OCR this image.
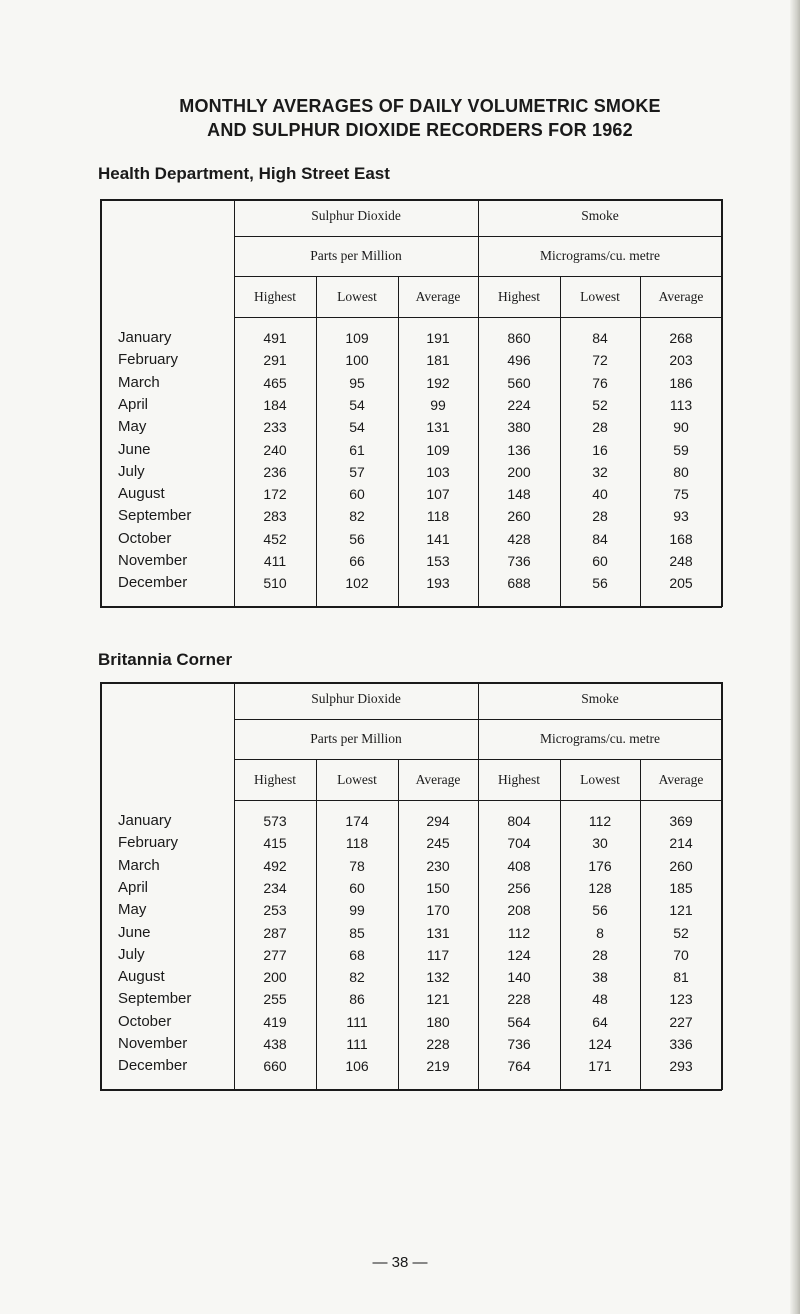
MONTHLY AVERAGES OF DAILY VOLUMETRIC SMOKE
AND SULPHUR DIOXIDE RECORDERS FOR 1962
Health Department, High Street East
Sulphur Dioxide	Smoke
Parts per Million	Micrograms/cu. metre
Highest	Lowest	Average	Highest	Lowest	Average
January	491	109	191	860	84	268
February	291	100	181	496	72	203
March	465	95	192	560	76	186
April	184	54	99	224	52	113
May	233	54	131	380	28	90
June	240	61	109	136	16	59
July	236	57	103	200	32	80
August	172	60	107	148	40	75
September	283	82	118	260	28	93
October	452	56	141	428	84	168
November	411	66	153	736	60	248
December	510	102	193	688	56	205
Britannia Corner
Sulphur Dioxide	Smoke
Parts per Million	Micrograms/cu. metre
Highest	Lowest	Average	Highest	Lowest	Average
January	573	174	294	804	112	369
February	415	118	245	704	30	214
March	492	78	230	408	176	260
April	234	60	150	256	128	185
May	253	99	170	208	56	121
June	287	85	131	112	8	52
July	277	68	117	124	28	70
August	200	82	132	140	38	81
September	255	86	121	228	48	123
October	419	111	180	564	64	227
November	438	111	228	736	124	336
December	660	106	219	764	171	293
— 38 —
